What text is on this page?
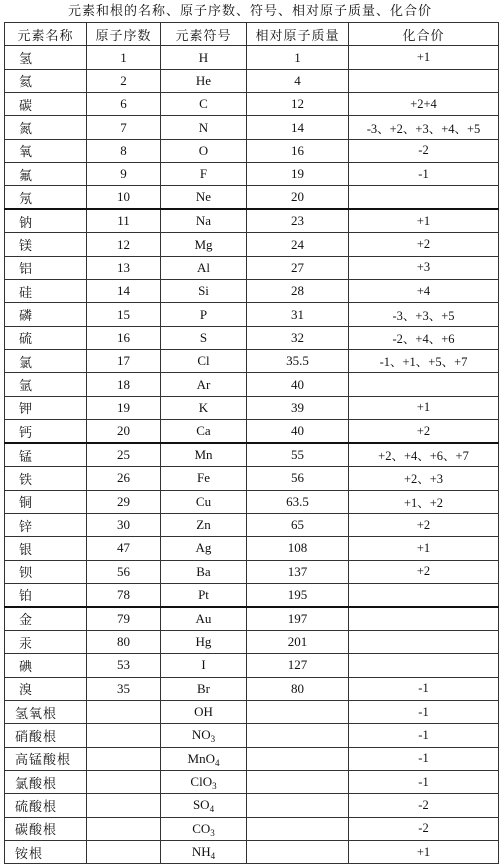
元素和根的名称、原子序数、符号、相对原子质量、化合价
元素名称	原子序数	元素符号	相对原子质量	化合价
氢	1	H	1	+1
氦	2	He	4	
碳	6	C	12	+2+4
氮	7	N	14	-3、+2、+3、+4、+5
氧	8	O	16	-2
氟	9	F	19	-1
氖	10	Ne	20	
钠	11	Na	23	+1
镁	12	Mg	24	+2
铝	13	Al	27	+3
硅	14	Si	28	+4
磷	15	P	31	-3、+3、+5
硫	16	S	32	-2、+4、+6
氯	17	Cl	35.5	-1、+1、+5、+7
氩	18	Ar	40	
钾	19	K	39	+1
钙	20	Ca	40	+2
锰	25	Mn	55	+2、+4、+6、+7
铁	26	Fe	56	+2、+3
铜	29	Cu	63.5	+1、+2
锌	30	Zn	65	+2
银	47	Ag	108	+1
钡	56	Ba	137	+2
铂	78	Pt	195	
金	79	Au	197	
汞	80	Hg	201	
碘	53	I	127	
溴	35	Br	80	-1
氢氧根		OH		-1
硝酸根		$NO_3$		-1
高锰酸根		MnO$_4$		-1
氯酸根		ClO$_3$		-1
硫酸根		$SO_4$		-2
碳酸根		$CO_3$		-2
铵根		$NH_4$		+1
